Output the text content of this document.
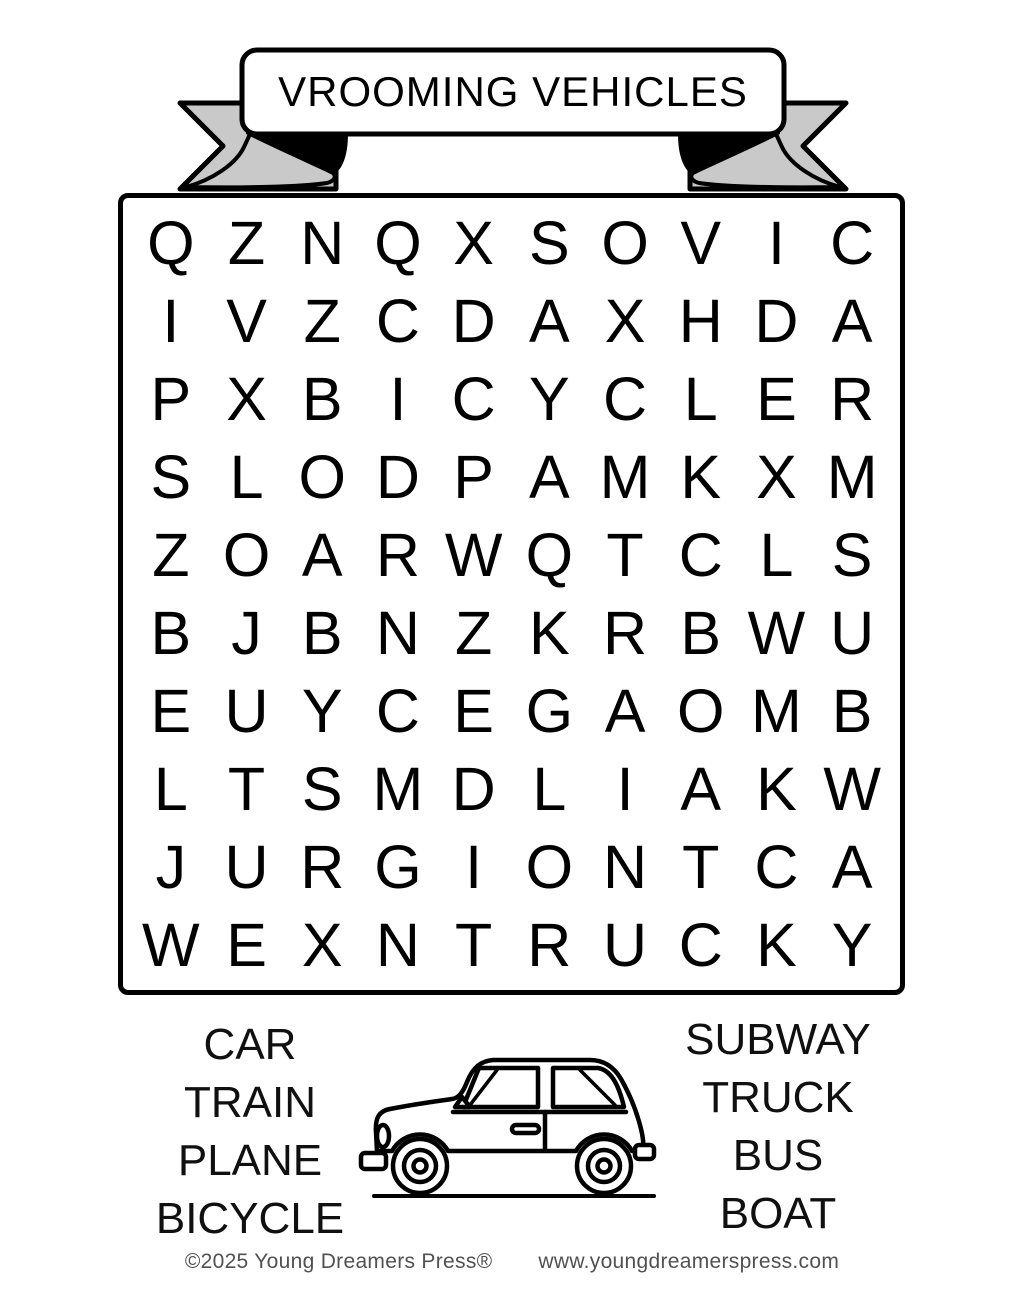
VROOMING VEHICLES
Q Z N Q X S O V I C
I V Z C D A X H D A
P X B I C Y C L E R
S L O D P A M K X M
Z O A R W Q T C L S
B J B N Z K R B W U
E U Y C E G A O M B
L T S M D L I A K W
J U R G I O N T C A
W E X N T R U C K Y
CAR
TRAIN
PLANE
BICYCLE
SUBWAY
TRUCK
BUS
BOAT
©2025 Young Dreamers Press® www.youngdreamerspress.com
